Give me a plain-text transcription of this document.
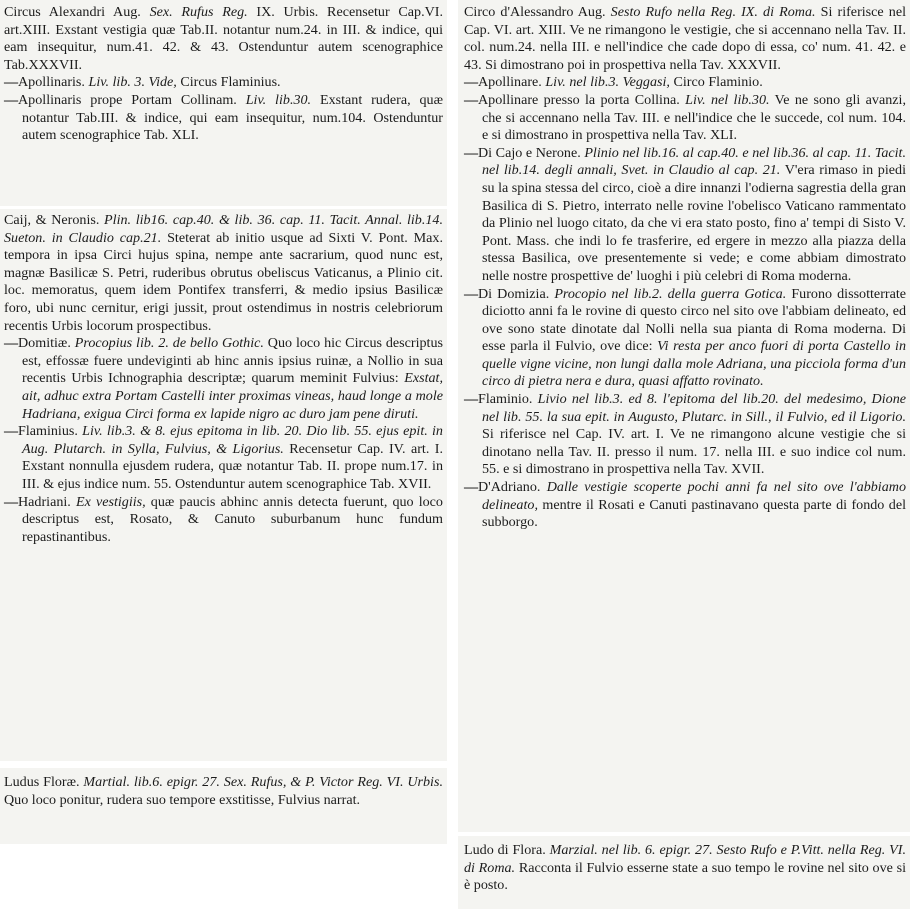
Circus Alexandri Aug. Sex. Rufus Reg. IX. Urbis. Recensetur Cap.VI. art.XIII. Exstant vestigia quæ Tab.II. notantur num.24. in III. & indice, qui eam insequitur, num.41. 42. & 43. Ostenduntur autem scenographice Tab.XXXVII.

—Apollinaris. Liv. lib. 3. Vide, Circus Flaminius.

—Apollinaris prope Portam Collinam. Liv. lib.30. Exstant rudera, quæ notantur Tab.III. & indice, qui eam insequitur, num.104. Ostenduntur autem scenographice Tab. XLI.

Caij, & Neronis. Plin. lib16. cap.40. & lib. 36. cap. 11. Tacit. Annal. lib.14. Sueton. in Claudio cap.21. Steterat ab initio usque ad Sixti V. Pont. Max. tempora in ipsa Circi hujus spina, nempe ante sacrarium, quod nunc est, magnæ Basilicæ S. Petri, ruderibus obrutus obeliscus Vaticanus, a Plinio cit. loc. memoratus, quem idem Pontifex transferri, & medio ipsius Basilicæ foro, ubi nunc cernitur, erigi jussit, prout ostendimus in nostris celebriorum recentis Urbis locorum prospectibus.

—Domitiæ. Procopius lib. 2. de bello Gothic. Quo loco hic Circus descriptus est, effossæ fuere undeviginti ab hinc annis ipsius ruinæ, a Nollio in sua recentis Urbis Ichnographia descriptæ; quarum meminit Fulvius: Exstat, ait, adhuc extra Portam Castelli inter proximas vineas, haud longe a mole Hadriana, exigua Circi forma ex lapide nigro ac duro jam pene diruti.

—Flaminius. Liv. lib.3. & 8. ejus epitoma in lib. 20. Dio lib. 55. ejus epit. in Aug. Plutarch. in Sylla, Fulvius, & Ligorius. Recensetur Cap. IV. art. I. Exstant nonnulla ejusdem rudera, quæ notantur Tab. II. prope num.17. in III. & ejus indice num. 55. Ostenduntur autem scenographice Tab. XVII.

—Hadriani. Ex vestigiis, quæ paucis abhinc annis detecta fuerunt, quo loco descriptus est, Rosato, & Canuto suburbanum hunc fundum repastinantibus.

Ludus Floræ. Martial. lib.6. epigr. 27. Sex. Rufus, & P. Victor Reg. VI. Urbis. Quo loco ponitur, rudera suo tempore exstitisse, Fulvius narrat.

Circo d'Alessandro Aug. Sesto Rufo nella Reg. IX. di Roma. Si riferisce nel Cap. VI. art. XIII. Ve ne rimangono le vestigie, che si accennano nella Tav. II. col. num.24. nella III. e nell'indice che cade dopo di essa, co' num. 41. 42. e 43. Si dimostrano poi in prospettiva nella Tav. XXXVII.

—Apollinare. Liv. nel lib.3. Veggasi, Circo Flaminio.

—Apollinare presso la porta Collina. Liv. nel lib.30. Ve ne sono gli avanzi, che si accennano nella Tav. III. e nell'indice che le succede, col num. 104. e si dimostrano in prospettiva nella Tav. XLI.

—Di Cajo e Nerone. Plinio nel lib.16. al cap.40. e nel lib.36. al cap. 11. Tacit. nel lib.14. degli annali, Svet. in Claudio al cap. 21. V'era rimaso in piedi su la spina stessa del circo, cioè a dire innanzi l'odierna sagrestia della gran Basilica di S. Pietro, interrato nelle rovine l'obelisco Vaticano rammentato da Plinio nel luogo citato, da che vi era stato posto, fino a' tempi di Sisto V. Pont. Mass. che indi lo fe trasferire, ed ergere in mezzo alla piazza della stessa Basilica, ove presentemente si vede; e come abbiam dimostrato nelle nostre prospettive de' luoghi i più celebri di Roma moderna.

—Di Domizia. Procopio nel lib.2. della guerra Gotica. Furono dissotterrate diciotto anni fa le rovine di questo circo nel sito ove l'abbiam delineato, ed ove sono state dinotate dal Nolli nella sua pianta di Roma moderna. Di esse parla il Fulvio, ove dice: Vi resta per anco fuori di porta Castello in quelle vigne vicine, non lungi dalla mole Adriana, una picciola forma d'un circo di pietra nera e dura, quasi affatto rovinato.

—Flaminio. Livio nel lib.3. ed 8. l'epitoma del lib.20. del medesimo, Dione nel lib. 55. la sua epit. in Augusto, Plutarc. in Sill., il Fulvio, ed il Ligorio. Si riferisce nel Cap. IV. art. I. Ve ne rimangono alcune vestigie che si dinotano nella Tav. II. presso il num. 17. nella III. e suo indice col num. 55. e si dimostrano in prospettiva nella Tav. XVII.

—D'Adriano. Dalle vestigie scoperte pochi anni fa nel sito ove l'abbiamo delineato, mentre il Rosati e Canuti pastinavano questa parte di fondo del subborgo.

Ludo di Flora. Marzial. nel lib. 6. epigr. 27. Sesto Rufo e P.Vitt. nella Reg. VI. di Roma. Racconta il Fulvio esserne state a suo tempo le rovine nel sito ove si è posto.
